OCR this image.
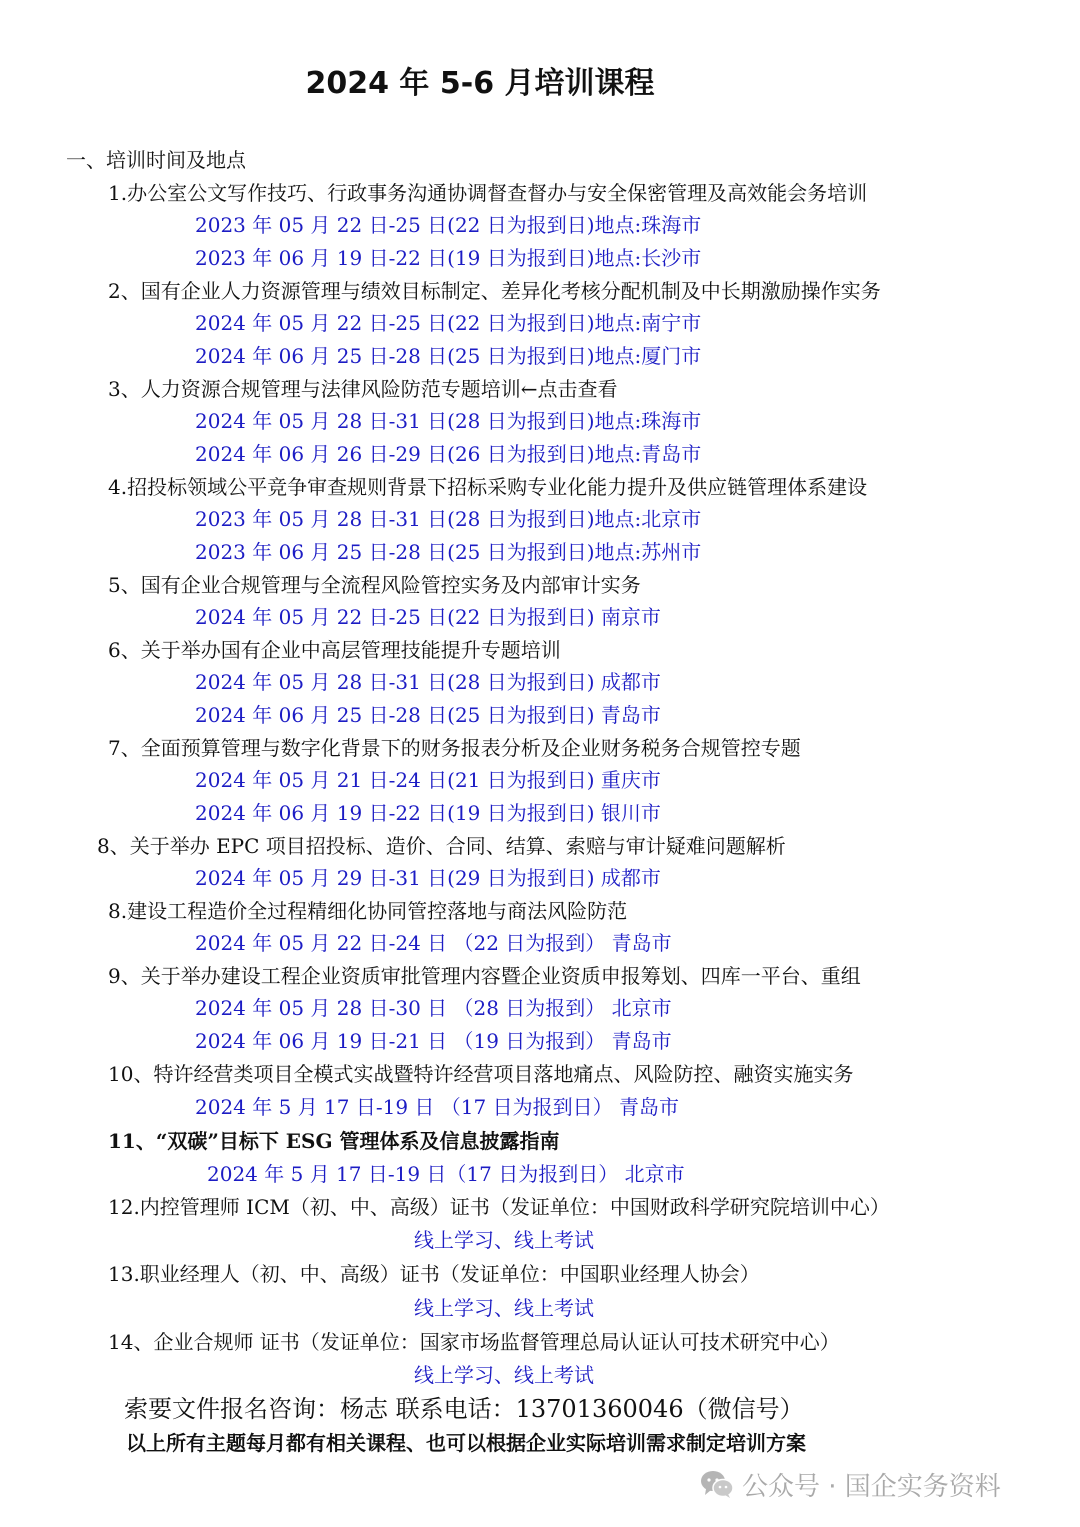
2024 年 5-6 月培训课程
一、培训时间及地点
1.办公室公文写作技巧、行政事务沟通协调督查督办与安全保密管理及高效能会务培训
2023 年 05 月 22 日-25 日(22 日为报到日)地点:珠海市
2023 年 06 月 19 日-22 日(19 日为报到日)地点:长沙市
2、国有企业人力资源管理与绩效目标制定、差异化考核分配机制及中长期激励操作实务
2024 年 05 月 22 日-25 日(22 日为报到日)地点:南宁市
2024 年 06 月 25 日-28 日(25 日为报到日)地点:厦门市
3、人力资源合规管理与法律风险防范专题培训←点击查看
2024 年 05 月 28 日-31 日(28 日为报到日)地点:珠海市
2024 年 06 月 26 日-29 日(26 日为报到日)地点:青岛市
4.招投标领域公平竞争审查规则背景下招标采购专业化能力提升及供应链管理体系建设
2023 年 05 月 28 日-31 日(28 日为报到日)地点:北京市
2023 年 06 月 25 日-28 日(25 日为报到日)地点:苏州市
5、国有企业合规管理与全流程风险管控实务及内部审计实务
2024 年 05 月 22 日-25 日(22 日为报到日) 南京市
6、关于举办国有企业中高层管理技能提升专题培训
2024 年 05 月 28 日-31 日(28 日为报到日) 成都市
2024 年 06 月 25 日-28 日(25 日为报到日) 青岛市
7、全面预算管理与数字化背景下的财务报表分析及企业财务税务合规管控专题
2024 年 05 月 21 日-24 日(21 日为报到日) 重庆市
2024 年 06 月 19 日-22 日(19 日为报到日) 银川市
8、关于举办 EPC 项目招投标、造价、合同、结算、索赔与审计疑难问题解析
2024 年 05 月 29 日-31 日(29 日为报到日) 成都市
8.建设工程造价全过程精细化协同管控落地与商法风险防范
2024 年 05 月 22 日-24 日 （22 日为报到） 青岛市
9、关于举办建设工程企业资质审批管理内容暨企业资质申报筹划、四库一平台、重组
2024 年 05 月 28 日-30 日 （28 日为报到） 北京市
2024 年 06 月 19 日-21 日 （19 日为报到） 青岛市
10、特许经营类项目全模式实战暨特许经营项目落地痛点、风险防控、融资实施实务
2024 年 5 月 17 日-19 日 （17 日为报到日） 青岛市
11、“双碳”目标下 ESG 管理体系及信息披露指南
2024 年 5 月 17 日-19 日（17 日为报到日） 北京市
12.内控管理师 ICM（初、中、高级）证书（发证单位：中国财政科学研究院培训中心）
线上学习、线上考试
13.职业经理人（初、中、高级）证书（发证单位：中国职业经理人协会）
线上学习、线上考试
14、企业合规师 证书（发证单位：国家市场监督管理总局认证认可技术研究中心）
线上学习、线上考试
索要文件报名咨询：杨志 联系电话：13701360046（微信号）
以上所有主题每月都有相关课程、也可以根据企业实际培训需求制定培训方案
公众号 · 国企实务资料
